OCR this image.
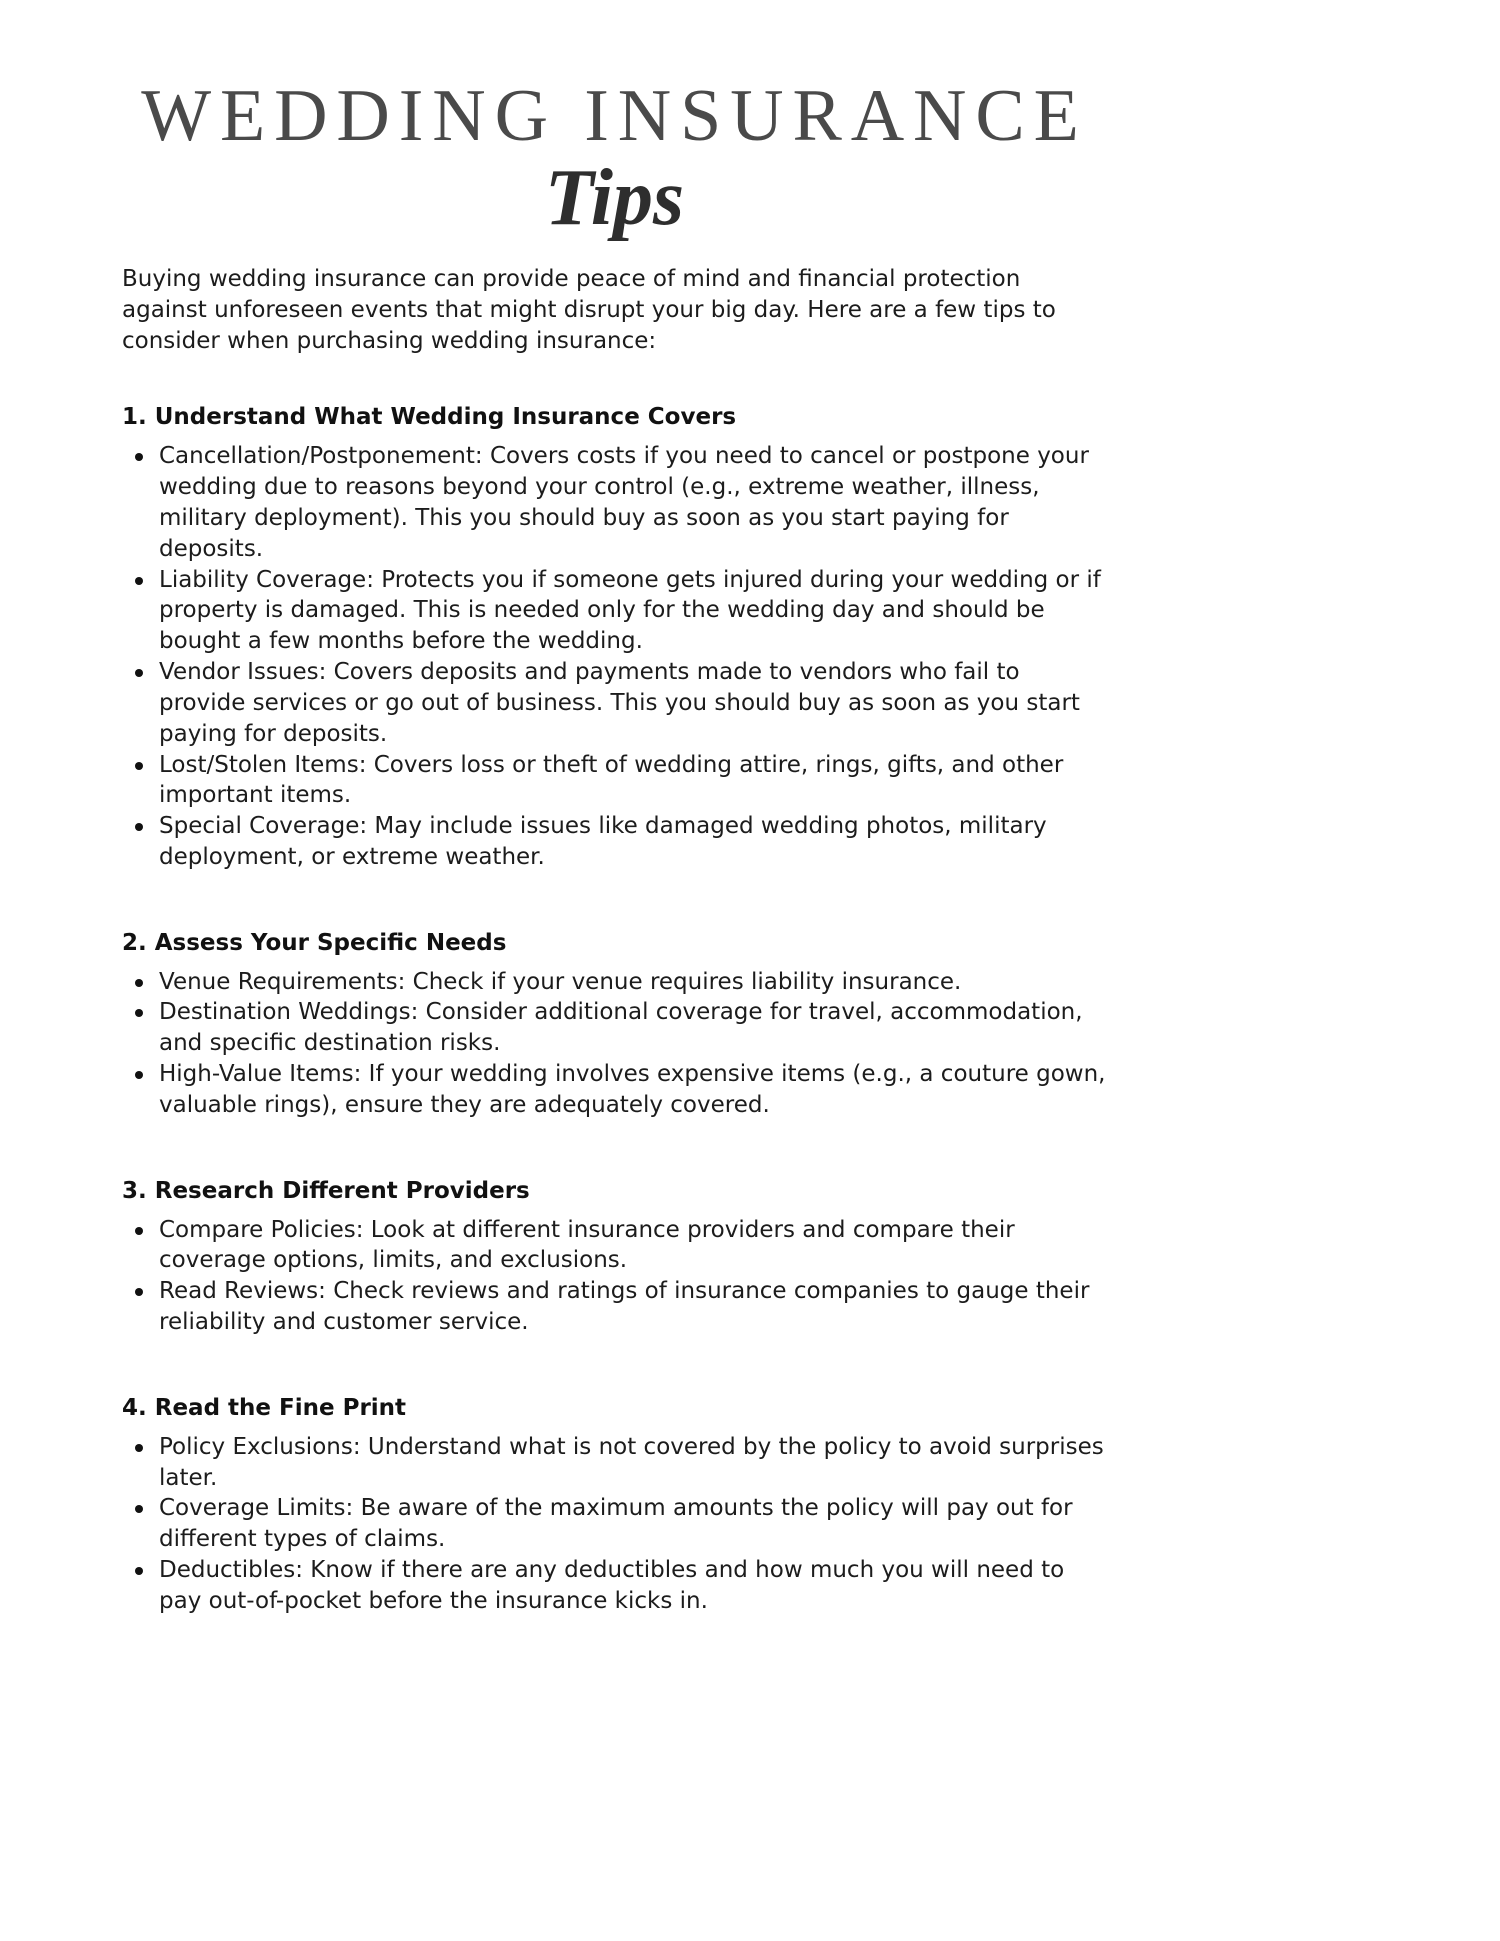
WEDDING INSURANCE
Tips

Buying wedding insurance can provide peace of mind and financial protection against unforeseen events that might disrupt your big day. Here are a few tips to consider when purchasing wedding insurance:

1. Understand What Wedding Insurance Covers
Cancellation/Postponement: Covers costs if you need to cancel or postpone your wedding due to reasons beyond your control (e.g., extreme weather, illness, military deployment). This you should buy as soon as you start paying for deposits.
Liability Coverage: Protects you if someone gets injured during your wedding or if property is damaged. This is needed only for the wedding day and should be bought a few months before the wedding.
Vendor Issues: Covers deposits and payments made to vendors who fail to provide services or go out of business. This you should buy as soon as you start paying for deposits.
Lost/Stolen Items: Covers loss or theft of wedding attire, rings, gifts, and other important items.
Special Coverage: May include issues like damaged wedding photos, military deployment, or extreme weather.
2. Assess Your Specific Needs
Venue Requirements: Check if your venue requires liability insurance.
Destination Weddings: Consider additional coverage for travel, accommodation, and specific destination risks.
High-Value Items: If your wedding involves expensive items (e.g., a couture gown, valuable rings), ensure they are adequately covered.
3. Research Different Providers
Compare Policies: Look at different insurance providers and compare their coverage options, limits, and exclusions.
Read Reviews: Check reviews and ratings of insurance companies to gauge their reliability and customer service.
4. Read the Fine Print
Policy Exclusions: Understand what is not covered by the policy to avoid surprises later.
Coverage Limits: Be aware of the maximum amounts the policy will pay out for different types of claims.
Deductibles: Know if there are any deductibles and how much you will need to pay out-of-pocket before the insurance kicks in.
